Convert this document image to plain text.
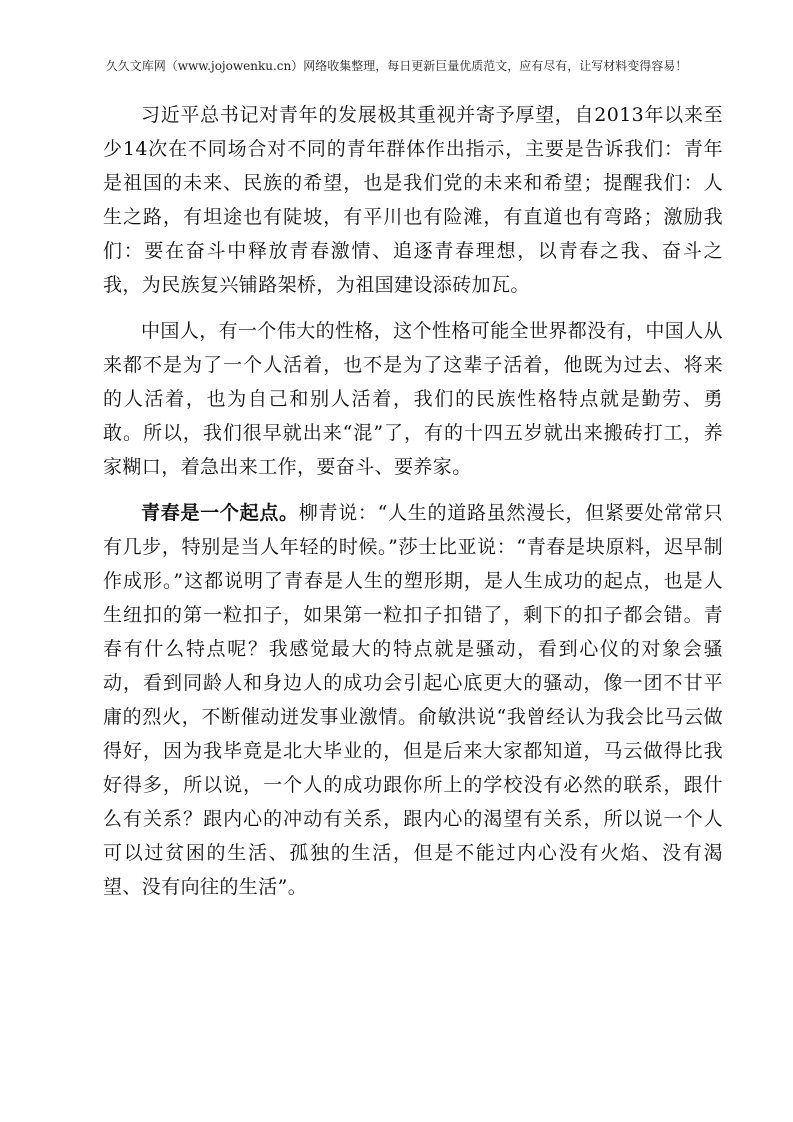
久久文库网（www.jojowenku.cn）网络收集整理，每日更新巨量优质范文，应有尽有，让写材料变得容易！

习近平总书记对青年的发展极其重视并寄予厚望，自2013年以来至少14次在不同场合对不同的青年群体作出指示，主要是告诉我们：青年是祖国的未来、民族的希望，也是我们党的未来和希望；提醒我们：人生之路，有坦途也有陡坡，有平川也有险滩，有直道也有弯路；激励我们：要在奋斗中释放青春激情、追逐青春理想，以青春之我、奋斗之我，为民族复兴铺路架桥，为祖国建设添砖加瓦。

中国人，有一个伟大的性格，这个性格可能全世界都没有，中国人从来都不是为了一个人活着，也不是为了这辈子活着，他既为过去、将来的人活着，也为自己和别人活着，我们的民族性格特点就是勤劳、勇敢。所以，我们很早就出来“混”了，有的十四五岁就出来搬砖打工，养家糊口，着急出来工作，要奋斗、要养家。

青春是一个起点。柳青说：“人生的道路虽然漫长，但紧要处常常只有几步，特别是当人年轻的时候。”莎士比亚说：“青春是块原料，迟早制作成形。”这都说明了青春是人生的塑形期，是人生成功的起点，也是人生纽扣的第一粒扣子，如果第一粒扣子扣错了，剩下的扣子都会错。青春有什么特点呢？我感觉最大的特点就是骚动，看到心仪的对象会骚动，看到同龄人和身边人的成功会引起心底更大的骚动，像一团不甘平庸的烈火，不断催动迸发事业激情。俞敏洪说“我曾经认为我会比马云做得好，因为我毕竟是北大毕业的，但是后来大家都知道，马云做得比我好得多，所以说，一个人的成功跟你所上的学校没有必然的联系，跟什么有关系？跟内心的冲动有关系，跟内心的渴望有关系，所以说一个人可以过贫困的生活、孤独的生活，但是不能过内心没有火焰、没有渴望、没有向往的生活”。
